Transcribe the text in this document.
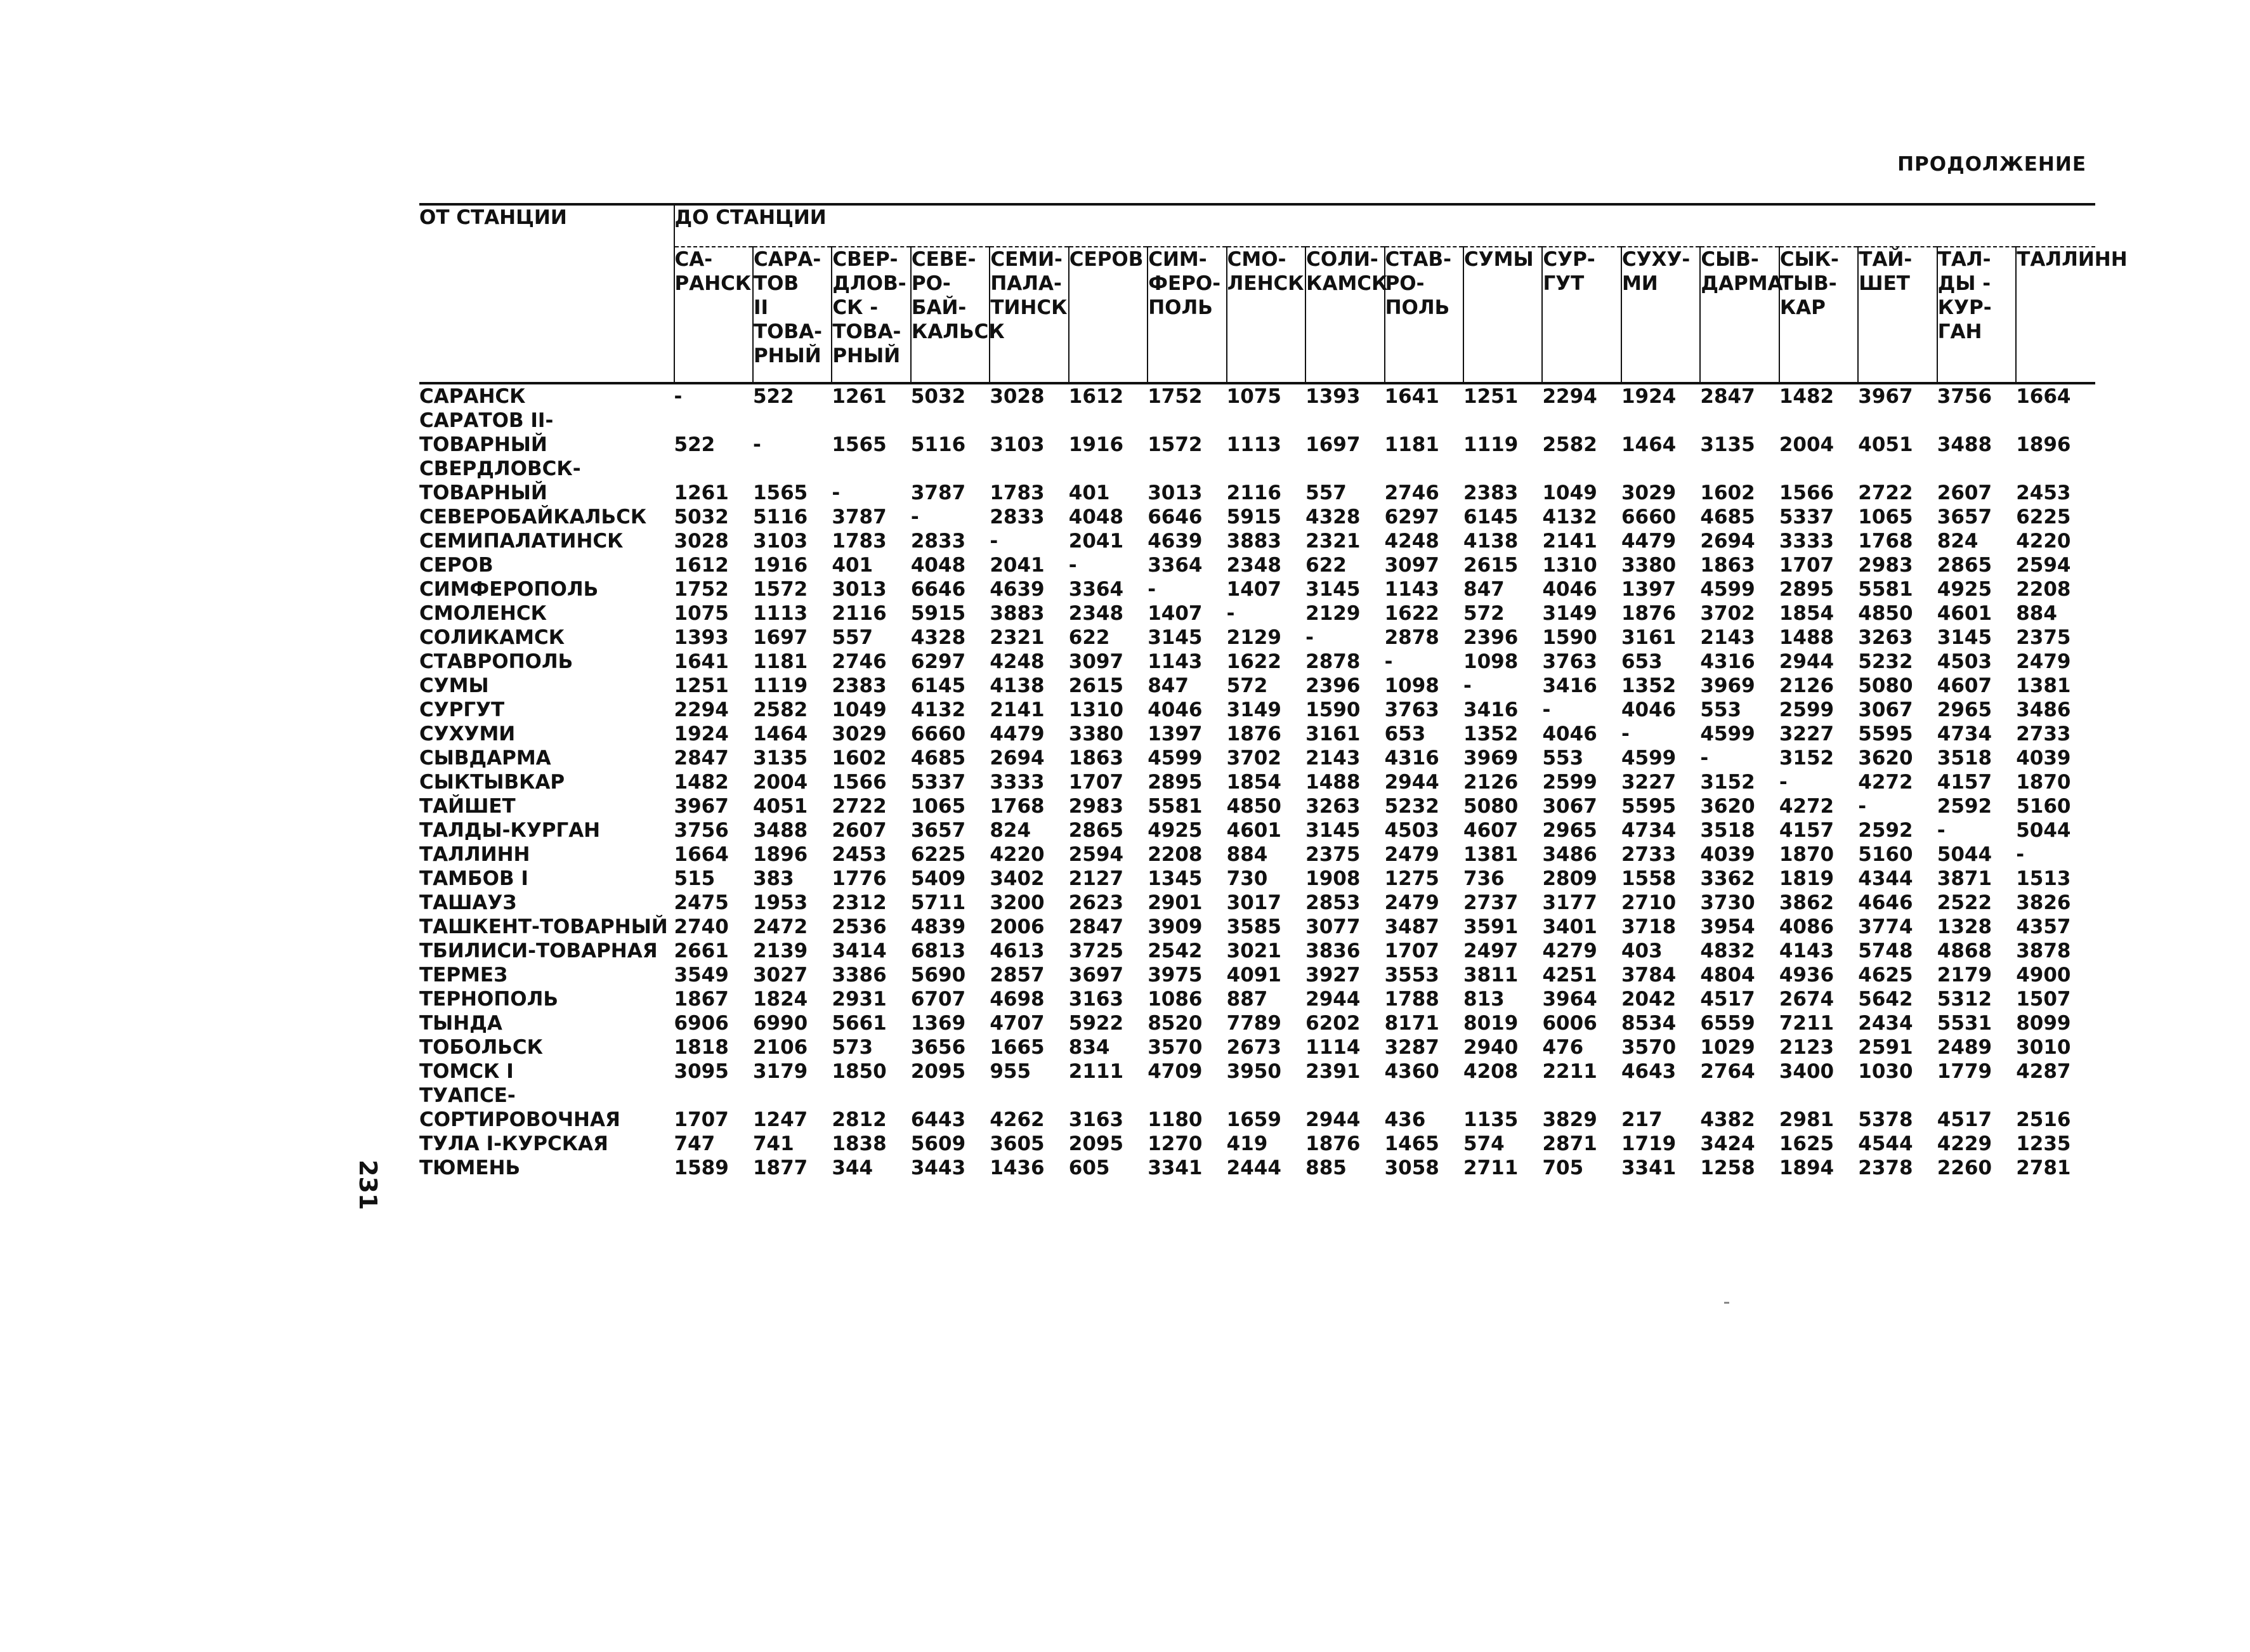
ПРОДОЛЖЕНИЕ
ОТ СТАНЦИИ	ДО СТАНЦИИ																	

	СА-
РАНСК	САРА-
ТОВ
II
ТОВА-
РНЫЙ	СВЕР-
ДЛОВ-
СК -
ТОВА-
РНЫЙ	СЕВЕ-
РО-
БАЙ-
КАЛЬСК	СЕМИ-
ПАЛА-
ТИНСК	СЕРОВ	СИМ-
ФЕРО-
ПОЛЬ	СМО-
ЛЕНСК	СОЛИ-
КАМСК	СТАВ-
РО-
ПОЛЬ	СУМЫ	СУР-
ГУТ	СУХУ-
МИ	СЫВ-
ДАРМА	СЫК-
ТЫВ-
КАР	ТАЙ-
ШЕТ	ТАЛ-
ДЫ -
КУР-
ГАН	ТАЛЛИНН

САРАНСК	-	522	1261	5032	3028	1612	1752	1075	1393	1641	1251	2294	1924	2847	1482	3967	3756	1664
САРАТОВ II-																		
ТОВАРНЫЙ	522	-	1565	5116	3103	1916	1572	1113	1697	1181	1119	2582	1464	3135	2004	4051	3488	1896
СВЕРДЛОВСК-																		
ТОВАРНЫЙ	1261	1565	-	3787	1783	401	3013	2116	557	2746	2383	1049	3029	1602	1566	2722	2607	2453
СЕВЕРОБАЙКАЛЬСК	5032	5116	3787	-	2833	4048	6646	5915	4328	6297	6145	4132	6660	4685	5337	1065	3657	6225
СЕМИПАЛАТИНСК	3028	3103	1783	2833	-	2041	4639	3883	2321	4248	4138	2141	4479	2694	3333	1768	824	4220
СЕРОВ	1612	1916	401	4048	2041	-	3364	2348	622	3097	2615	1310	3380	1863	1707	2983	2865	2594
СИМФЕРОПОЛЬ	1752	1572	3013	6646	4639	3364	-	1407	3145	1143	847	4046	1397	4599	2895	5581	4925	2208
СМОЛЕНСК	1075	1113	2116	5915	3883	2348	1407	-	2129	1622	572	3149	1876	3702	1854	4850	4601	884
СОЛИКАМСК	1393	1697	557	4328	2321	622	3145	2129	-	2878	2396	1590	3161	2143	1488	3263	3145	2375
СТАВРОПОЛЬ	1641	1181	2746	6297	4248	3097	1143	1622	2878	-	1098	3763	653	4316	2944	5232	4503	2479
СУМЫ	1251	1119	2383	6145	4138	2615	847	572	2396	1098	-	3416	1352	3969	2126	5080	4607	1381
СУРГУТ	2294	2582	1049	4132	2141	1310	4046	3149	1590	3763	3416	-	4046	553	2599	3067	2965	3486
СУХУМИ	1924	1464	3029	6660	4479	3380	1397	1876	3161	653	1352	4046	-	4599	3227	5595	4734	2733
СЫВДАРМА	2847	3135	1602	4685	2694	1863	4599	3702	2143	4316	3969	553	4599	-	3152	3620	3518	4039
СЫКТЫВКАР	1482	2004	1566	5337	3333	1707	2895	1854	1488	2944	2126	2599	3227	3152	-	4272	4157	1870
ТАЙШЕТ	3967	4051	2722	1065	1768	2983	5581	4850	3263	5232	5080	3067	5595	3620	4272	-	2592	5160
ТАЛДЫ-КУРГАН	3756	3488	2607	3657	824	2865	4925	4601	3145	4503	4607	2965	4734	3518	4157	2592	-	5044
ТАЛЛИНН	1664	1896	2453	6225	4220	2594	2208	884	2375	2479	1381	3486	2733	4039	1870	5160	5044	-
ТАМБОВ I	515	383	1776	5409	3402	2127	1345	730	1908	1275	736	2809	1558	3362	1819	4344	3871	1513
ТАШАУЗ	2475	1953	2312	5711	3200	2623	2901	3017	2853	2479	2737	3177	2710	3730	3862	4646	2522	3826
ТАШКЕНТ-ТОВАРНЫЙ	2740	2472	2536	4839	2006	2847	3909	3585	3077	3487	3591	3401	3718	3954	4086	3774	1328	4357
ТБИЛИСИ-ТОВАРНАЯ	2661	2139	3414	6813	4613	3725	2542	3021	3836	1707	2497	4279	403	4832	4143	5748	4868	3878
ТЕРМЕЗ	3549	3027	3386	5690	2857	3697	3975	4091	3927	3553	3811	4251	3784	4804	4936	4625	2179	4900
ТЕРНОПОЛЬ	1867	1824	2931	6707	4698	3163	1086	887	2944	1788	813	3964	2042	4517	2674	5642	5312	1507
ТЫНДА	6906	6990	5661	1369	4707	5922	8520	7789	6202	8171	8019	6006	8534	6559	7211	2434	5531	8099
ТОБОЛЬСК	1818	2106	573	3656	1665	834	3570	2673	1114	3287	2940	476	3570	1029	2123	2591	2489	3010
ТОМСК I	3095	3179	1850	2095	955	2111	4709	3950	2391	4360	4208	2211	4643	2764	3400	1030	1779	4287
ТУАПСЕ-																		
СОРТИРОВОЧНАЯ	1707	1247	2812	6443	4262	3163	1180	1659	2944	436	1135	3829	217	4382	2981	5378	4517	2516
ТУЛА I-КУРСКАЯ	747	741	1838	5609	3605	2095	1270	419	1876	1465	574	2871	1719	3424	1625	4544	4229	1235
ТЮМЕНЬ	1589	1877	344	3443	1436	605	3341	2444	885	3058	2711	705	3341	1258	1894	2378	2260	2781
231
